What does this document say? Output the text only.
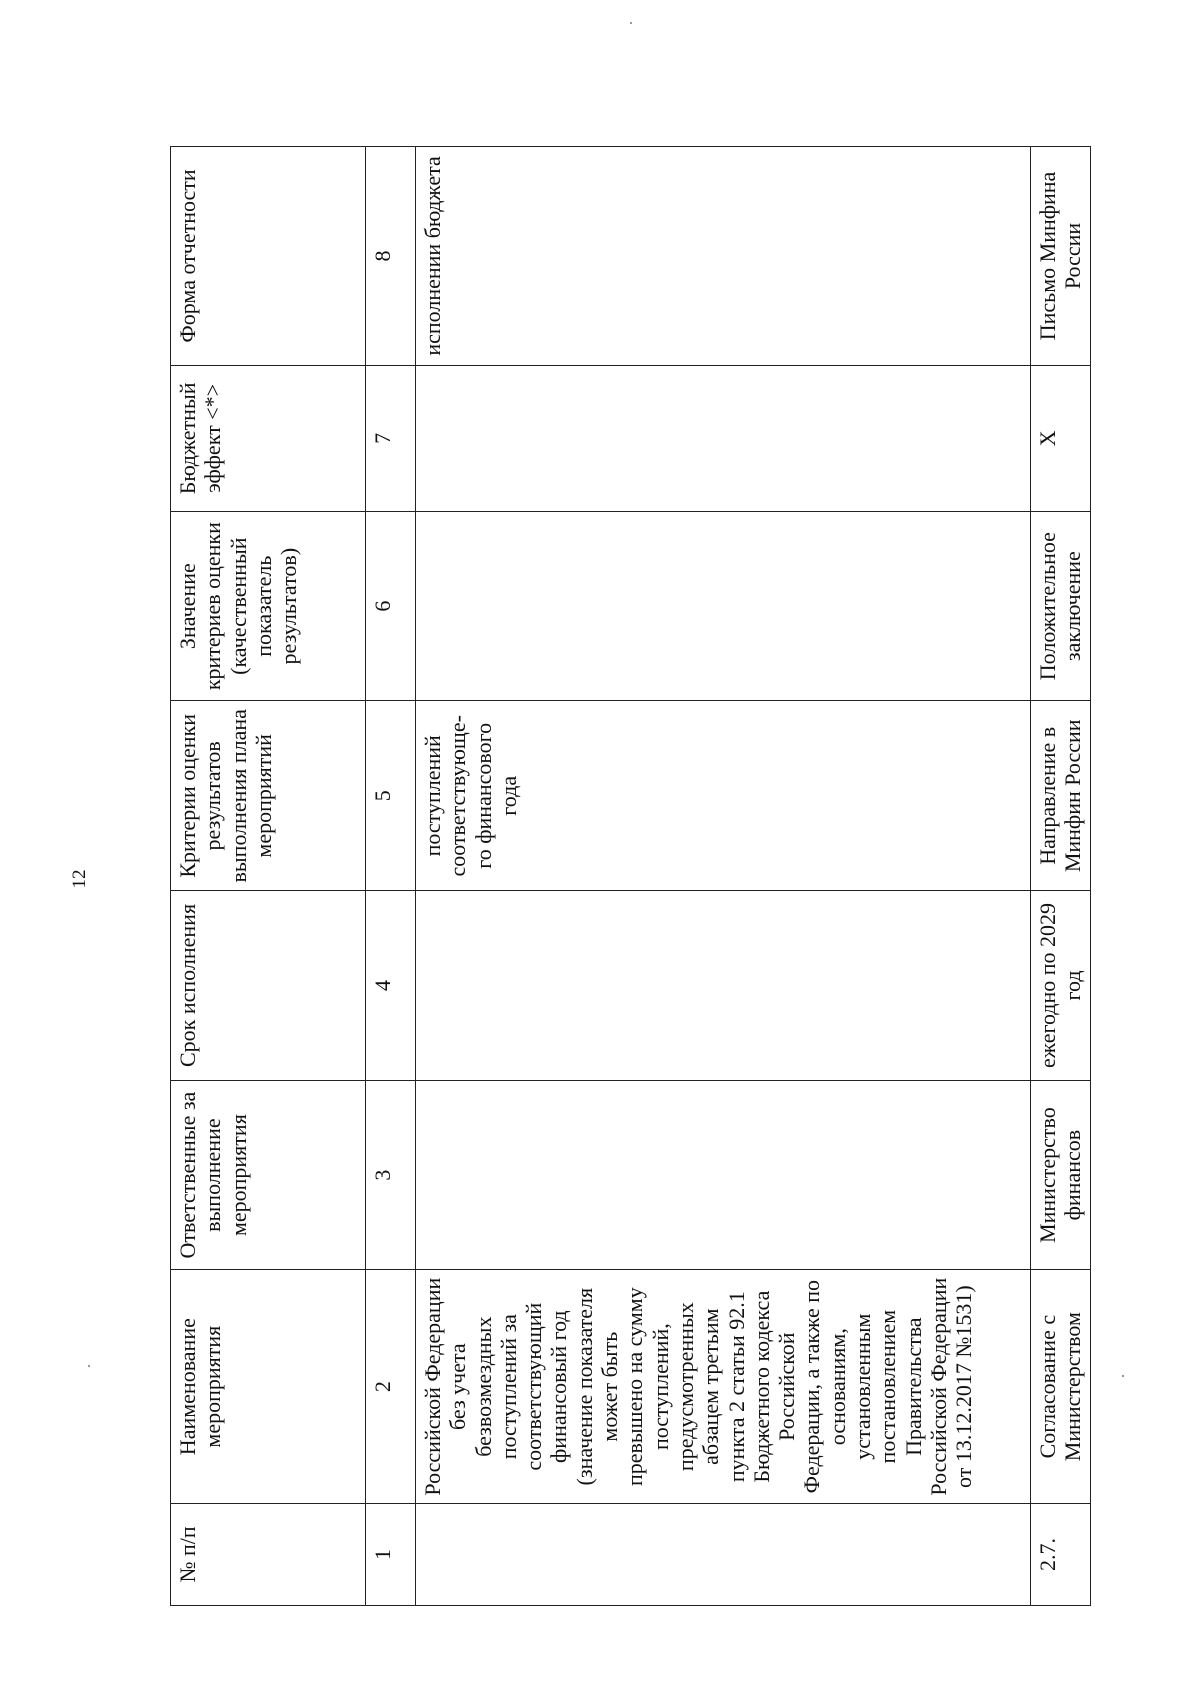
12
№ п/п	Наименование мероприятия	Ответственные за выполнение мероприятия	Срок исполнения	Критерии оценки результатов выполнения плана мероприятий	Значение критериев оценки (качественный показатель результатов)	Бюджетный эффект <*>	Форма отчетности
1	2	3	4	5	6	7	8
	Российской Федерации без учета безвозмездных поступлений за соответствующий финансовый год (значение показателя может быть превышено на сумму поступлений, предусмотренных абзацем третьим пункта 2 статьи 92.1 Бюджетного кодекса Российской Федерации, а также по основаниям, установленным постановлением Правительства Российской Федерации от 13.12.2017 №1531)			поступлений соответствующе-го финансового года			исполнении бюджета
2.7.	Согласование с Министерством	Министерство финансов	ежегодно по 2029 год	Направление в Минфин России	Положительное заключение	Х	Письмо Минфина России
